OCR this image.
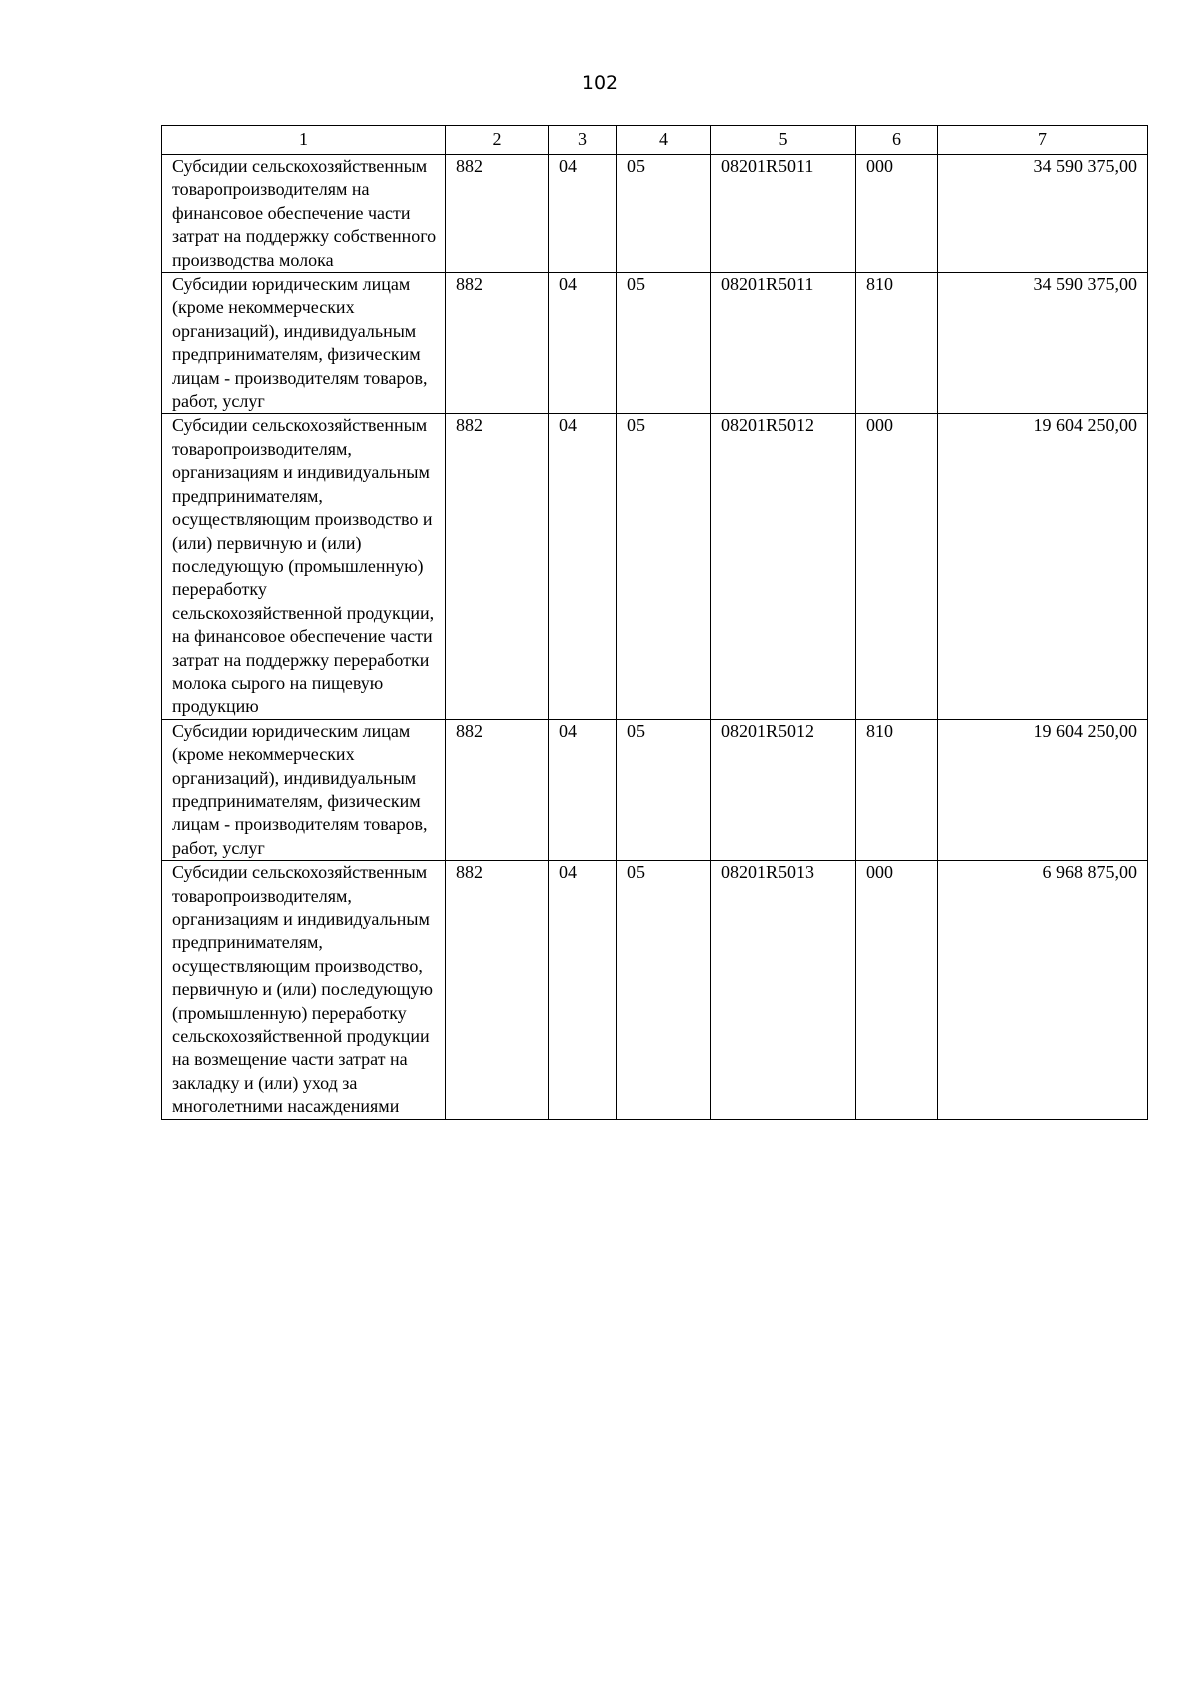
102
1	2	3	4	5	6	7
Субсидии сельскохозяйственным товаропроизводителям на финансовое обеспечение части затрат на поддержку собственного производства молока	882	04	05	08201R5011	000	34 590 375,00
Субсидии юридическим лицам (кроме некоммерческих организаций), индивидуальным предпринимателям, физическим лицам - производителям товаров, работ, услуг	882	04	05	08201R5011	810	34 590 375,00
Субсидии сельскохозяйственным товаропроизводителям, организациям и индивидуальным предпринимателям, осуществляющим производство и (или) первичную и (или) последующую (промышленную) переработку сельскохозяйственной продукции, на финансовое обеспечение части затрат на поддержку переработки молока сырого на пищевую продукцию	882	04	05	08201R5012	000	19 604 250,00
Субсидии юридическим лицам (кроме некоммерческих организаций), индивидуальным предпринимателям, физическим лицам - производителям товаров, работ, услуг	882	04	05	08201R5012	810	19 604 250,00
Субсидии сельскохозяйственным товаропроизводителям, организациям и индивидуальным предпринимателям, осуществляющим производство, первичную и (или) последующую (промышленную) переработку сельскохозяйственной продукции на возмещение части затрат на закладку и (или) уход за многолетними насаждениями	882	04	05	08201R5013	000	6 968 875,00
